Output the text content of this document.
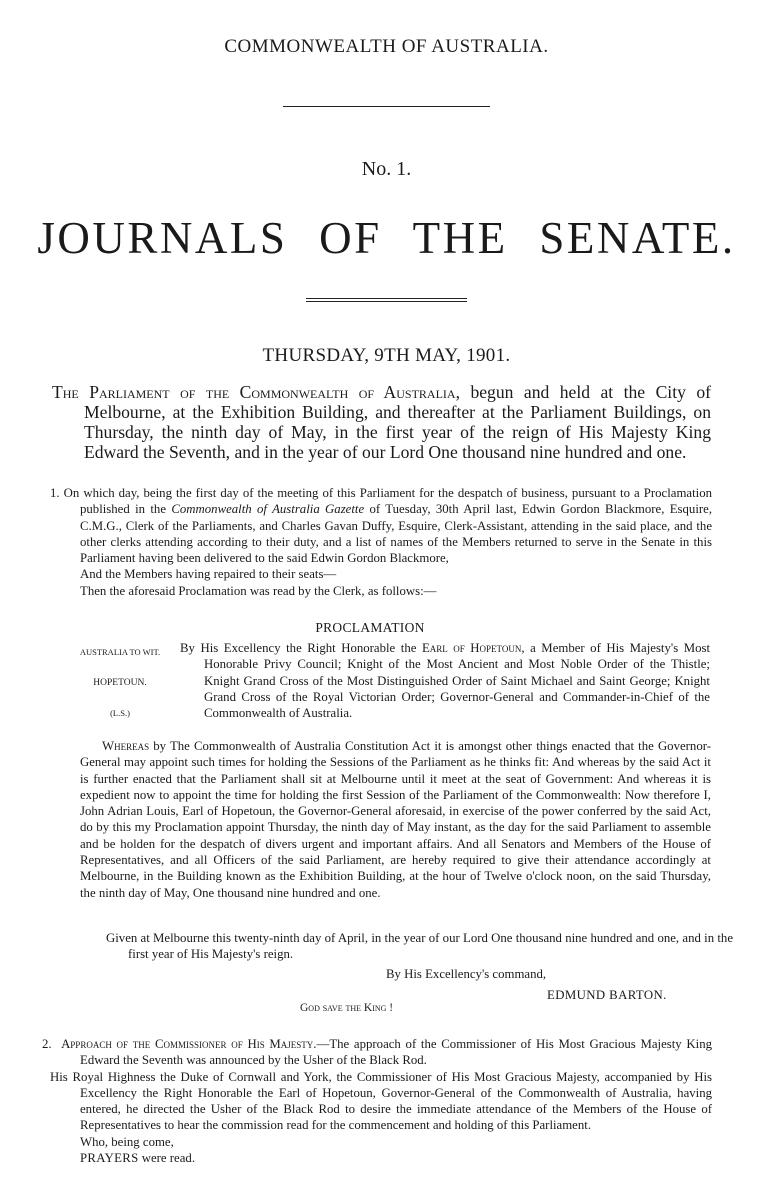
COMMONWEALTH OF AUSTRALIA.
No. 1.
JOURNALS OF THE SENATE.
THURSDAY, 9TH MAY, 1901.
The Parliament of the Commonwealth of Australia, begun and held at the City of Melbourne, at the Exhibition Building, and thereafter at the Parliament Buildings, on Thursday, the ninth day of May, in the first year of the reign of His Majesty King Edward the Seventh, and in the year of our Lord One thousand nine hundred and one.

1. On which day, being the first day of the meeting of this Parliament for the despatch of business, pursuant to a Proclamation published in the Commonwealth of Australia Gazette of Tuesday, 30th April last, Edwin Gordon Blackmore, Esquire, C.M.G., Clerk of the Parliaments, and Charles Gavan Duffy, Esquire, Clerk-Assistant, attending in the said place, and the other clerks attending according to their duty, and a list of names of the Members returned to serve in the Senate in this Parliament having been delivered to the said Edwin Gordon Blackmore,

And the Members having repaired to their seats—

Then the aforesaid Proclamation was read by the Clerk, as follows:—

PROCLAMATION
AUSTRALIA TO WIT.
HOPETOUN.
(L.S.)

By His Excellency the Right Honorable the Earl of Hopetoun, a Member of His Majesty's Most Honorable Privy Council; Knight of the Most Ancient and Most Noble Order of the Thistle; Knight Grand Cross of the Most Distinguished Order of Saint Michael and Saint George; Knight Grand Cross of the Royal Victorian Order; Governor-General and Commander-in-Chief of the Commonwealth of Australia.

Whereas by The Commonwealth of Australia Constitution Act it is amongst other things enacted that the Governor-General may appoint such times for holding the Sessions of the Parliament as he thinks fit: And whereas by the said Act it is further enacted that the Parliament shall sit at Melbourne until it meet at the seat of Government: And whereas it is expedient now to appoint the time for holding the first Session of the Parliament of the Commonwealth: Now therefore I, John Adrian Louis, Earl of Hopetoun, the Governor-General aforesaid, in exercise of the power conferred by the said Act, do by this my Proclamation appoint Thursday, the ninth day of May instant, as the day for the said Parliament to assemble and be holden for the despatch of divers urgent and important affairs. And all Senators and Members of the House of Representatives, and all Officers of the said Parliament, are hereby required to give their attendance accordingly at Melbourne, in the Building known as the Exhibition Building, at the hour of Twelve o'clock noon, on the said Thursday, the ninth day of May, One thousand nine hundred and one.

Given at Melbourne this twenty-ninth day of April, in the year of our Lord One thousand nine hundred and one, and in the first year of His Majesty's reign.
By His Excellency's command,
EDMUND BARTON.
God save the King !

2. Approach of the Commissioner of His Majesty.—The approach of the Commissioner of His Most Gracious Majesty King Edward the Seventh was announced by the Usher of the Black Rod.

His Royal Highness the Duke of Cornwall and York, the Commissioner of His Most Gracious Majesty, accompanied by His Excellency the Right Honorable the Earl of Hopetoun, Governor-General of the Commonwealth of Australia, having entered, he directed the Usher of the Black Rod to desire the immediate attendance of the Members of the House of Representatives to hear the commission read for the commencement and holding of this Parliament.

Who, being come,

PRAYERS were read.
